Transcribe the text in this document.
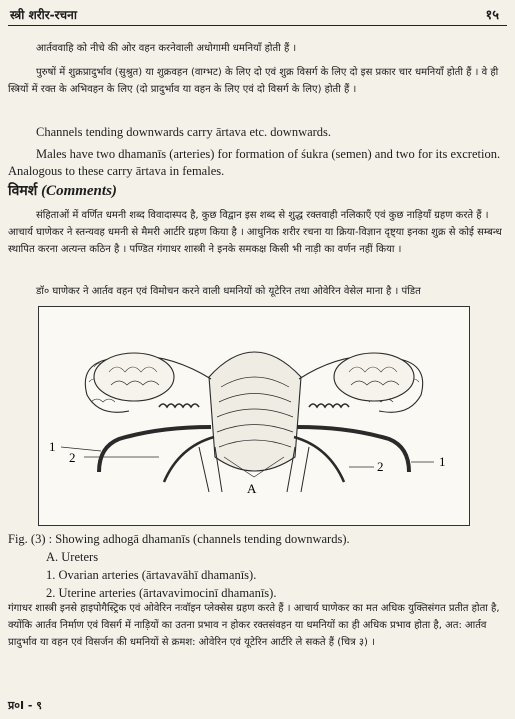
स्त्री शरीर-रचना	१५
आर्तववाहि को नीचे की ओर वहन करनेवाली अधोगामी धमनियाँ होती हैं ।
पुरुषों में शुक्रप्रादुर्भाव (सुश्रुत) या शुक्रवहन (वाग्भट) के लिए दो एवं शुक्र विसर्ग के लिए दो इस प्रकार चार धमनियाँ होती हैं । वे ही स्त्रियों में रक्त के अभिवहन के लिए (दो प्रादुर्भाव या वहन के लिए एवं दो विसर्ग के लिए) होती हैं ।
Channels tending downwards carry ārtava etc. downwards.
Males have two dhamanīs (arteries) for formation of śukra (semen) and two for its excretion. Analogous to these carry ārtava in females.
विमर्श (Comments)
संहिताओं में वर्णित धमनी शब्द विवादास्पद है, कुछ विद्वान इस शब्द से शुद्ध रक्तवाही नलिकाएँ एवं कुछ नाड़ियाँ ग्रहण करते हैं । आचार्य घाणेकर ने स्तन्यवह धमनी से मैमरी आर्टरि ग्रहण किया है । आधुनिक शरीर रचना या क्रिया-विज्ञान दृष्ट्या इनका शुक्र से कोई सम्बन्ध स्थापित करना अत्यन्त कठिन है । पण्डित गंगाधर शास्त्री ने इनके समकक्ष किसी भी नाड़ी का वर्णन नहीं किया ।
डॉ० घाणेकर ने आर्तव वहन एवं विमोचन करने वाली धमनियों को यूटेरिन तथा ओवेरिन वेसेल माना है । पंडित
1
2
2	1
A
Fig. (3) : Showing adhogā dhamanīs (channels tending downwards).
A. Ureters
1. Ovarian arteries (ārtavavāhī dhamanīs).
2. Uterine arteries (ārtavavimocinī dhamanīs).
गंगाधर शास्त्री इनसे हाइपोगैस्ट्रिक एवं ओवेरिन नःवॉइन प्लेक्सेस ग्रहण करते हैं । आचार्य घाणेकर का मत अधिक युक्तिसंगत प्रतीत होता है, क्योंकि आर्तव निर्माण एवं विसर्ग में नाड़ियों का उतना प्रभाव न होकर रक्तसंवहन या धमनियों का ही अधिक प्रभाव होता है, अत: आर्तव प्रादुर्भाव या वहन एवं विसर्जन की धमनियों से क्रमश: ओवेरिन एवं यूटेरिन आर्टरि ले सकते हैं (चित्र ३) ।
प्र०I - ९
